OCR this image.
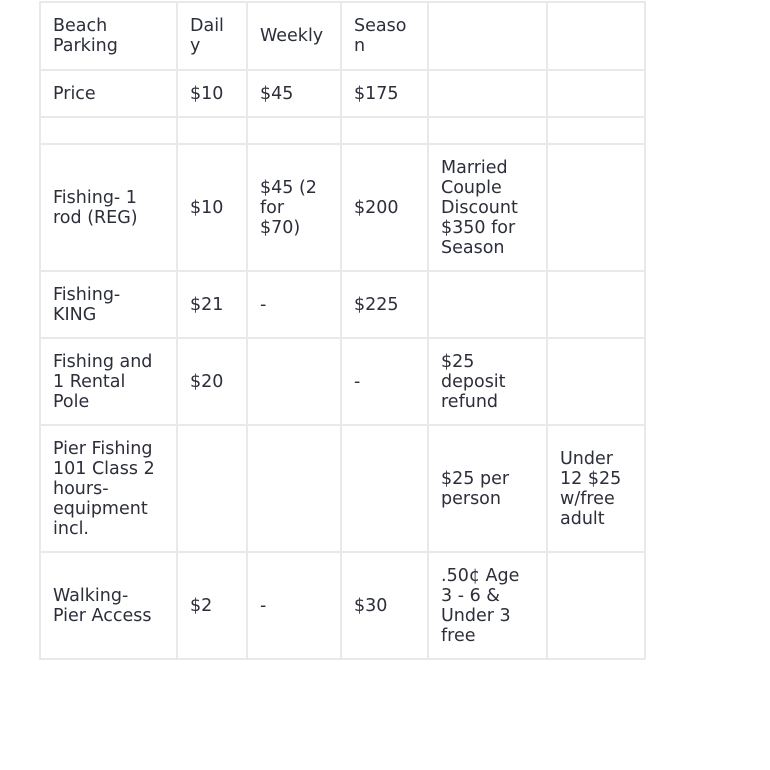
Beach Parking	Daily	Weekly	Season		
Price	$10	$45	$175		

Fishing- 1 rod (REG)	$10	$45 (2 for $70)	$200	Married Couple Discount $350 for Season	
Fishing- KING	$21	-	$225		
Fishing and 1 Rental Pole	$20		-	$25 deposit refund	
Pier Fishing 101 Class 2 hours- equipment incl.				$25 per person	Under 12 $25 w/free adult
Walking- Pier Access	$2	-	$30	.50¢ Age 3 - 6 & Under 3 free	
